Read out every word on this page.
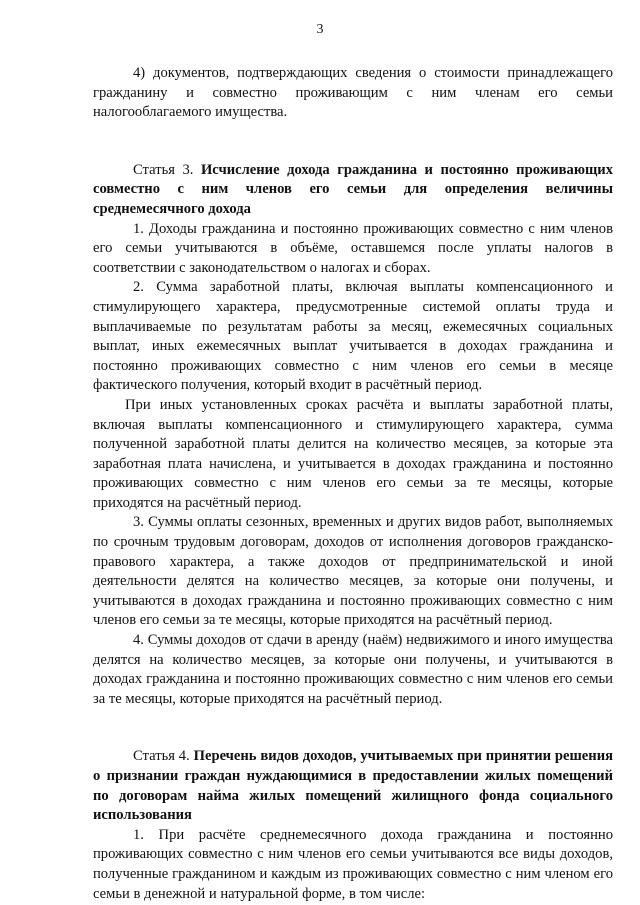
3

4) документов, подтверждающих сведения о стоимости принадлежащего гражданину и совместно проживающим с ним членам его семьи налогооблагаемого имущества.

Статья 3. Исчисление дохода гражданина и постоянно проживающих совместно с ним членов его семьи для определения величины среднемесячного дохода

1. Доходы гражданина и постоянно проживающих совместно с ним членов его семьи учитываются в объёме, оставшемся после уплаты налогов в соответствии с законодательством о налогах и сборах.

2. Сумма заработной платы, включая выплаты компенсационного и стимулирующего характера, предусмотренные системой оплаты труда и выплачиваемые по результатам работы за месяц, ежемесячных социальных выплат, иных ежемесячных выплат учитывается в доходах гражданина и постоянно проживающих совместно с ним членов его семьи в месяце фактического получения, который входит в расчётный период.

При иных установленных сроках расчёта и выплаты заработной платы, включая выплаты компенсационного и стимулирующего характера, сумма полученной заработной платы делится на количество месяцев, за которые эта заработная плата начислена, и учитывается в доходах гражданина и постоянно проживающих совместно с ним членов его семьи за те месяцы, которые приходятся на расчётный период.

3. Суммы оплаты сезонных, временных и других видов работ, выполняемых по срочным трудовым договорам, доходов от исполнения договоров гражданско-правового характера, а также доходов от предпринимательской и иной деятельности делятся на количество месяцев, за которые они получены, и учитываются в доходах гражданина и постоянно проживающих совместно с ним членов его семьи за те месяцы, которые приходятся на расчётный период.

4. Суммы доходов от сдачи в аренду (наём) недвижимого и иного имущества делятся на количество месяцев, за которые они получены, и учитываются в доходах гражданина и постоянно проживающих совместно с ним членов его семьи за те месяцы, которые приходятся на расчётный период.

Статья 4. Перечень видов доходов, учитываемых при принятии решения о признании граждан нуждающимися в предоставлении жилых помещений по договорам найма жилых помещений жилищного фонда социального использования

1. При расчёте среднемесячного дохода гражданина и постоянно проживающих совместно с ним членов его семьи учитываются все виды доходов, полученные гражданином и каждым из проживающих совместно с ним членом его семьи в денежной и натуральной форме, в том числе:
